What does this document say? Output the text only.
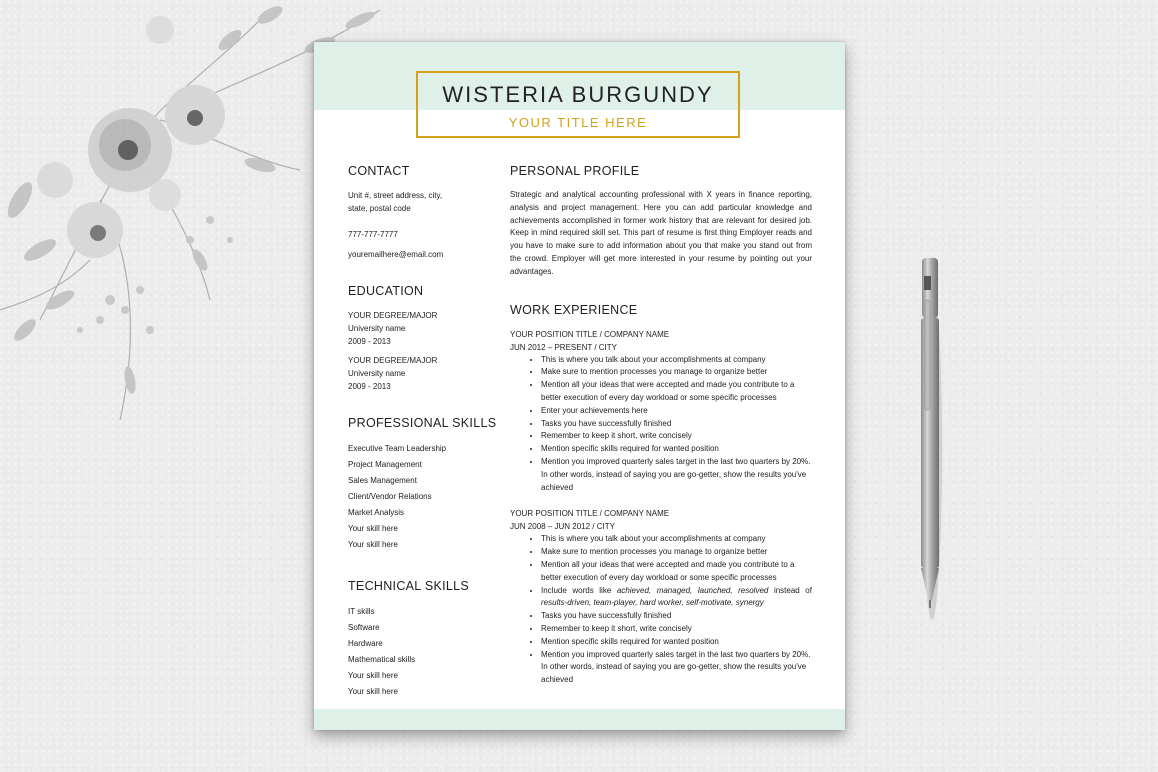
WISTERIA BURGUNDY
YOUR TITLE HERE
CONTACT
Unit #, street address, city,
state, postal code
777-777-7777
youremailhere@email.com
EDUCATION
YOUR DEGREE/MAJOR
University name
2009 - 2013
YOUR DEGREE/MAJOR
University name
2009 - 2013
PROFESSIONAL SKILLS
Executive Team Leadership
Project Management
Sales Management
Client/Vendor Relations
Market Analysis
Your skill here
Your skill here
TECHNICAL SKILLS
IT skills
Software
Hardware
Mathematical skills
Your skill here
Your skill here
PERSONAL PROFILE
Strategic and analytical accounting professional with X years in finance reporting, analysis and project management. Here you can add particular knowledge and achievements accomplished in former work history that are relevant for desired job. Keep in mind required skill set. This part of resume is first thing Employer reads and you have to make sure to add information about you that make you stand out from the crowd. Employer will get more interested in your resume by pointing out your advantages.
WORK EXPERIENCE
YOUR POSITION TITLE / COMPANY NAME
JUN 2012 – PRESENT / CITY
• This is where you talk about your accomplishments at company
• Make sure to mention processes you manage to organize better
• Mention all your ideas that were accepted and made you contribute to a better execution of every day workload or some specific processes
• Enter your achievements here
• Tasks you have successfully finished
• Remember to keep it short, write concisely
• Mention specific skills required for wanted position
• Mention you improved quarterly sales target in the last two quarters by 20%. In other words, instead of saying you are go-getter, show the results you've achieved
YOUR POSITION TITLE / COMPANY NAME
JUN 2008 – JUN 2012 / CITY
• This is where you talk about your accomplishments at company
• Make sure to mention processes you manage to organize better
• Mention all your ideas that were accepted and made you contribute to a better execution of every day workload or some specific processes
• Include words like achieved, managed, launched, resolved instead of results-driven, team-player, hard worker, self-motivate, synergy
• Tasks you have successfully finished
• Remember to keep it short, write concisely
• Mention specific skills required for wanted position
• Mention you improved quarterly sales target in the last two quarters by 20%. In other words, instead of saying you are go-getter, show the results you've achieved
